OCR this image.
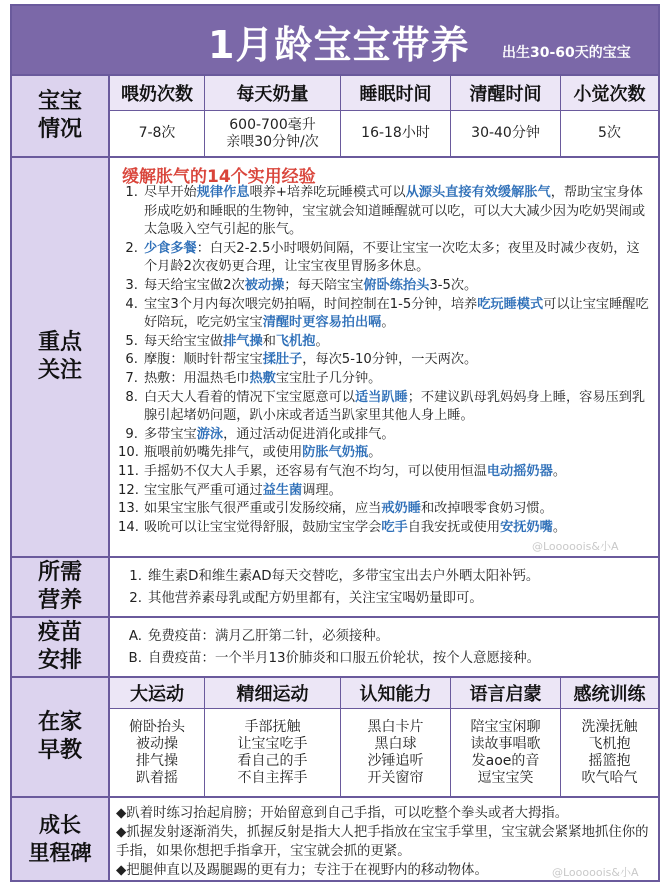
1月龄宝宝带养 出生30-60天的宝宝
宝宝
情况
喂奶次数
7-8次
每天奶量
600-700毫升
亲喂30分钟/次
睡眠时间
16-18小时
清醒时间
30-40分钟
小觉次数
5次
重点
关注
缓解胀气的14个实用经验
1. 尽早开始规律作息喂养+培养吃玩睡模式可以从源头直接有效缓解胀气，帮助宝宝身体形成吃奶和睡眠的生物钟，宝宝就会知道睡醒就可以吃，可以大大减少因为吃奶哭闹或太急吸入空气引起的胀气。
2. 少食多餐：白天2-2.5小时喂奶间隔，不要让宝宝一次吃太多；夜里及时减少夜奶，这个月龄2次夜奶更合理，让宝宝夜里胃肠多休息。
3. 每天给宝宝做2次被动操；每天陪宝宝俯卧练抬头3-5次。
4. 宝宝3个月内每次喂完奶拍嗝，时间控制在1-5分钟，培养吃玩睡模式可以让宝宝睡醒吃好陪玩，吃完奶宝宝清醒时更容易拍出嗝。
5. 每天给宝宝做排气操和飞机抱。
6. 摩腹：顺时针帮宝宝揉肚子，每次5-10分钟，一天两次。
7. 热敷：用温热毛巾热敷宝宝肚子几分钟。
8. 白天大人看着的情况下宝宝愿意可以适当趴睡；不建议趴母乳妈妈身上睡，容易压到乳腺引起堵奶问题，趴小床或者适当趴家里其他人身上睡。
9. 多带宝宝游泳，通过活动促进消化或排气。
10. 瓶喂前奶嘴先排气，或使用防胀气奶瓶。
11. 手摇奶不仅大人手累，还容易有气泡不均匀，可以使用恒温电动摇奶器。
12. 宝宝胀气严重可通过益生菌调理。
13. 如果宝宝胀气很严重或引发肠绞痛，应当戒奶睡和改掉喂零食奶习惯。
14. 吸吮可以让宝宝觉得舒服，鼓励宝宝学会吃手自我安抚或使用安抚奶嘴。
所需
营养
1. 维生素D和维生素AD每天交替吃，多带宝宝出去户外晒太阳补钙。
2. 其他营养素母乳或配方奶里都有，关注宝宝喝奶量即可。
疫苗
安排
A. 免费疫苗：满月乙肝第二针，必须接种。
B. 自费疫苗：一个半月13价肺炎和口服五价轮状，按个人意愿接种。
在家
早教
大运动
俯卧抬头
被动操
排气操
趴着摇
精细运动
手部抚触
让宝宝吃手
看自己的手
不自主挥手
认知能力
黑白卡片
黑白球
沙锤追听
开关窗帘
语言启蒙
陪宝宝闲聊
读故事唱歌
发aoe的音
逗宝宝笑
感统训练
洗澡抚触
飞机抱
摇篮抱
吹气哈气
成长
里程碑
◆趴着时练习抬起肩膀；开始留意到自己手指，可以吃整个拳头或者大拇指。
◆抓握发射逐渐消失，抓握反射是指大人把手指放在宝宝手掌里，宝宝就会紧紧地抓住你的手指，如果你想把手指拿开，宝宝就会抓的更紧。
◆把腿伸直以及踢腿踢的更有力；专注于在视野内的移动物体。
@Looooois&小A
@Looooois&小A
